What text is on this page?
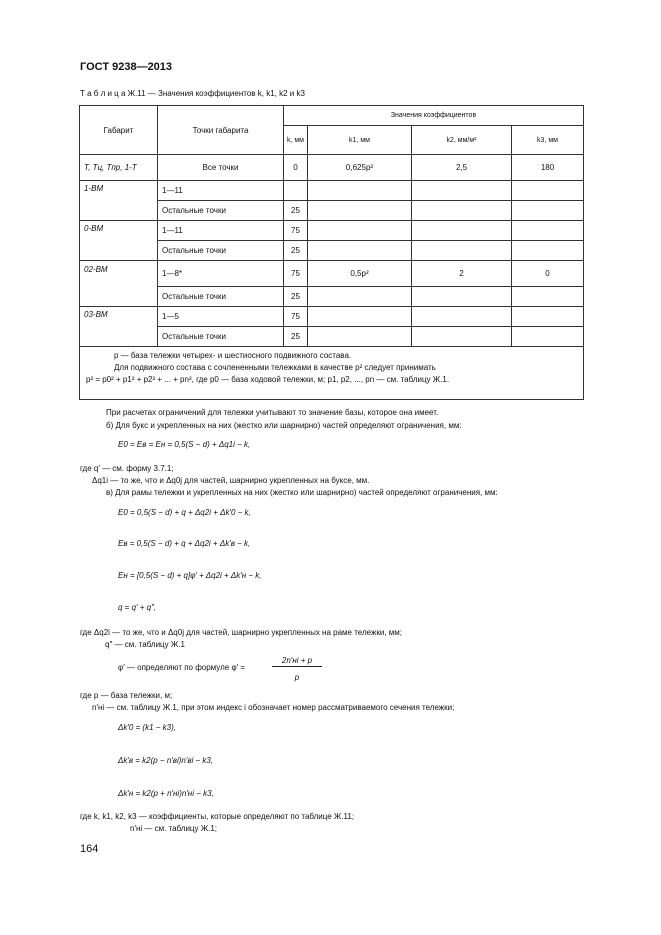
ГОСТ 9238—2013
Т а б л и ц а Ж.11 — Значения коэффициентов k, k1, k2 и k3
Габарит	Точки габарита	Значения коэффициентов			
		k, мм	k1, мм	k2, мм/м²	k3, мм
T, Tц, Tпр, 1-T	Все точки	0	0,625p²	2,5	180
1-ВМ	1—11				
	Остальные точки	25			
0-ВМ	1—11	75			
	Остальные точки	25			
02-ВМ	1—8*	75	0,5p²	2	0
	Остальные точки	25			
03-ВМ	1—5	75			
	Остальные точки	25			

p — база тележки четырех- и шестиосного подвижного состава.
Для подвижного состава с сочлененными тележками в качестве p² следует принимать
p² = p0² + p1² + p2² + ... + pn², где p0 — база ходовой тележки, м; p1, p2, ..., pn — см. таблицу Ж.1.					
При расчетах ограничений для тележки учитывают то значение базы, которое она имеет.
б) Для букс и укрепленных на них (жестко или шарнирно) частей определяют ограничения, мм:
E0 = Eв = Eн = 0,5(S − d) + Δq1i − k,
где q′ — см. форму 3.7.1;
Δq1i — то же, что и Δq0j для частей, шарнирно укрепленных на буксе, мм.
в) Для рамы тележки и укрепленных на них (жестко или шарнирно) частей определяют ограничения, мм:
E0 = 0,5(S − d) + q + Δq2i + Δk′0 − k,
Eв = 0,5(S − d) + q + Δq2i + Δk′в − k,
Eн = [0,5(S − d) + q]φ′ + Δq2i + Δk′н − k,
q = q′ + q″,
где Δq2i — то же, что и Δq0j для частей, шарнирно укрепленных на раме тележки, мм;
q″ — см. таблицу Ж.1
φ′ — определяют по формуле φ′ =
2n′нi + p
p
где p — база тележки, м;
n′нi — см. таблицу Ж.1, при этом индекс i обозначает номер рассматриваемого сечения тележки;
Δk′0 = (k1 − k3),
Δk′в = k2(p − n′вi)n′вi − k3,
Δk′н = k2(p + n′нi)n′нi − k3,
где k, k1, k2, k3 — коэффициенты, которые определяют по таблице Ж.11;
n′нi — см. таблицу Ж.1;
164
